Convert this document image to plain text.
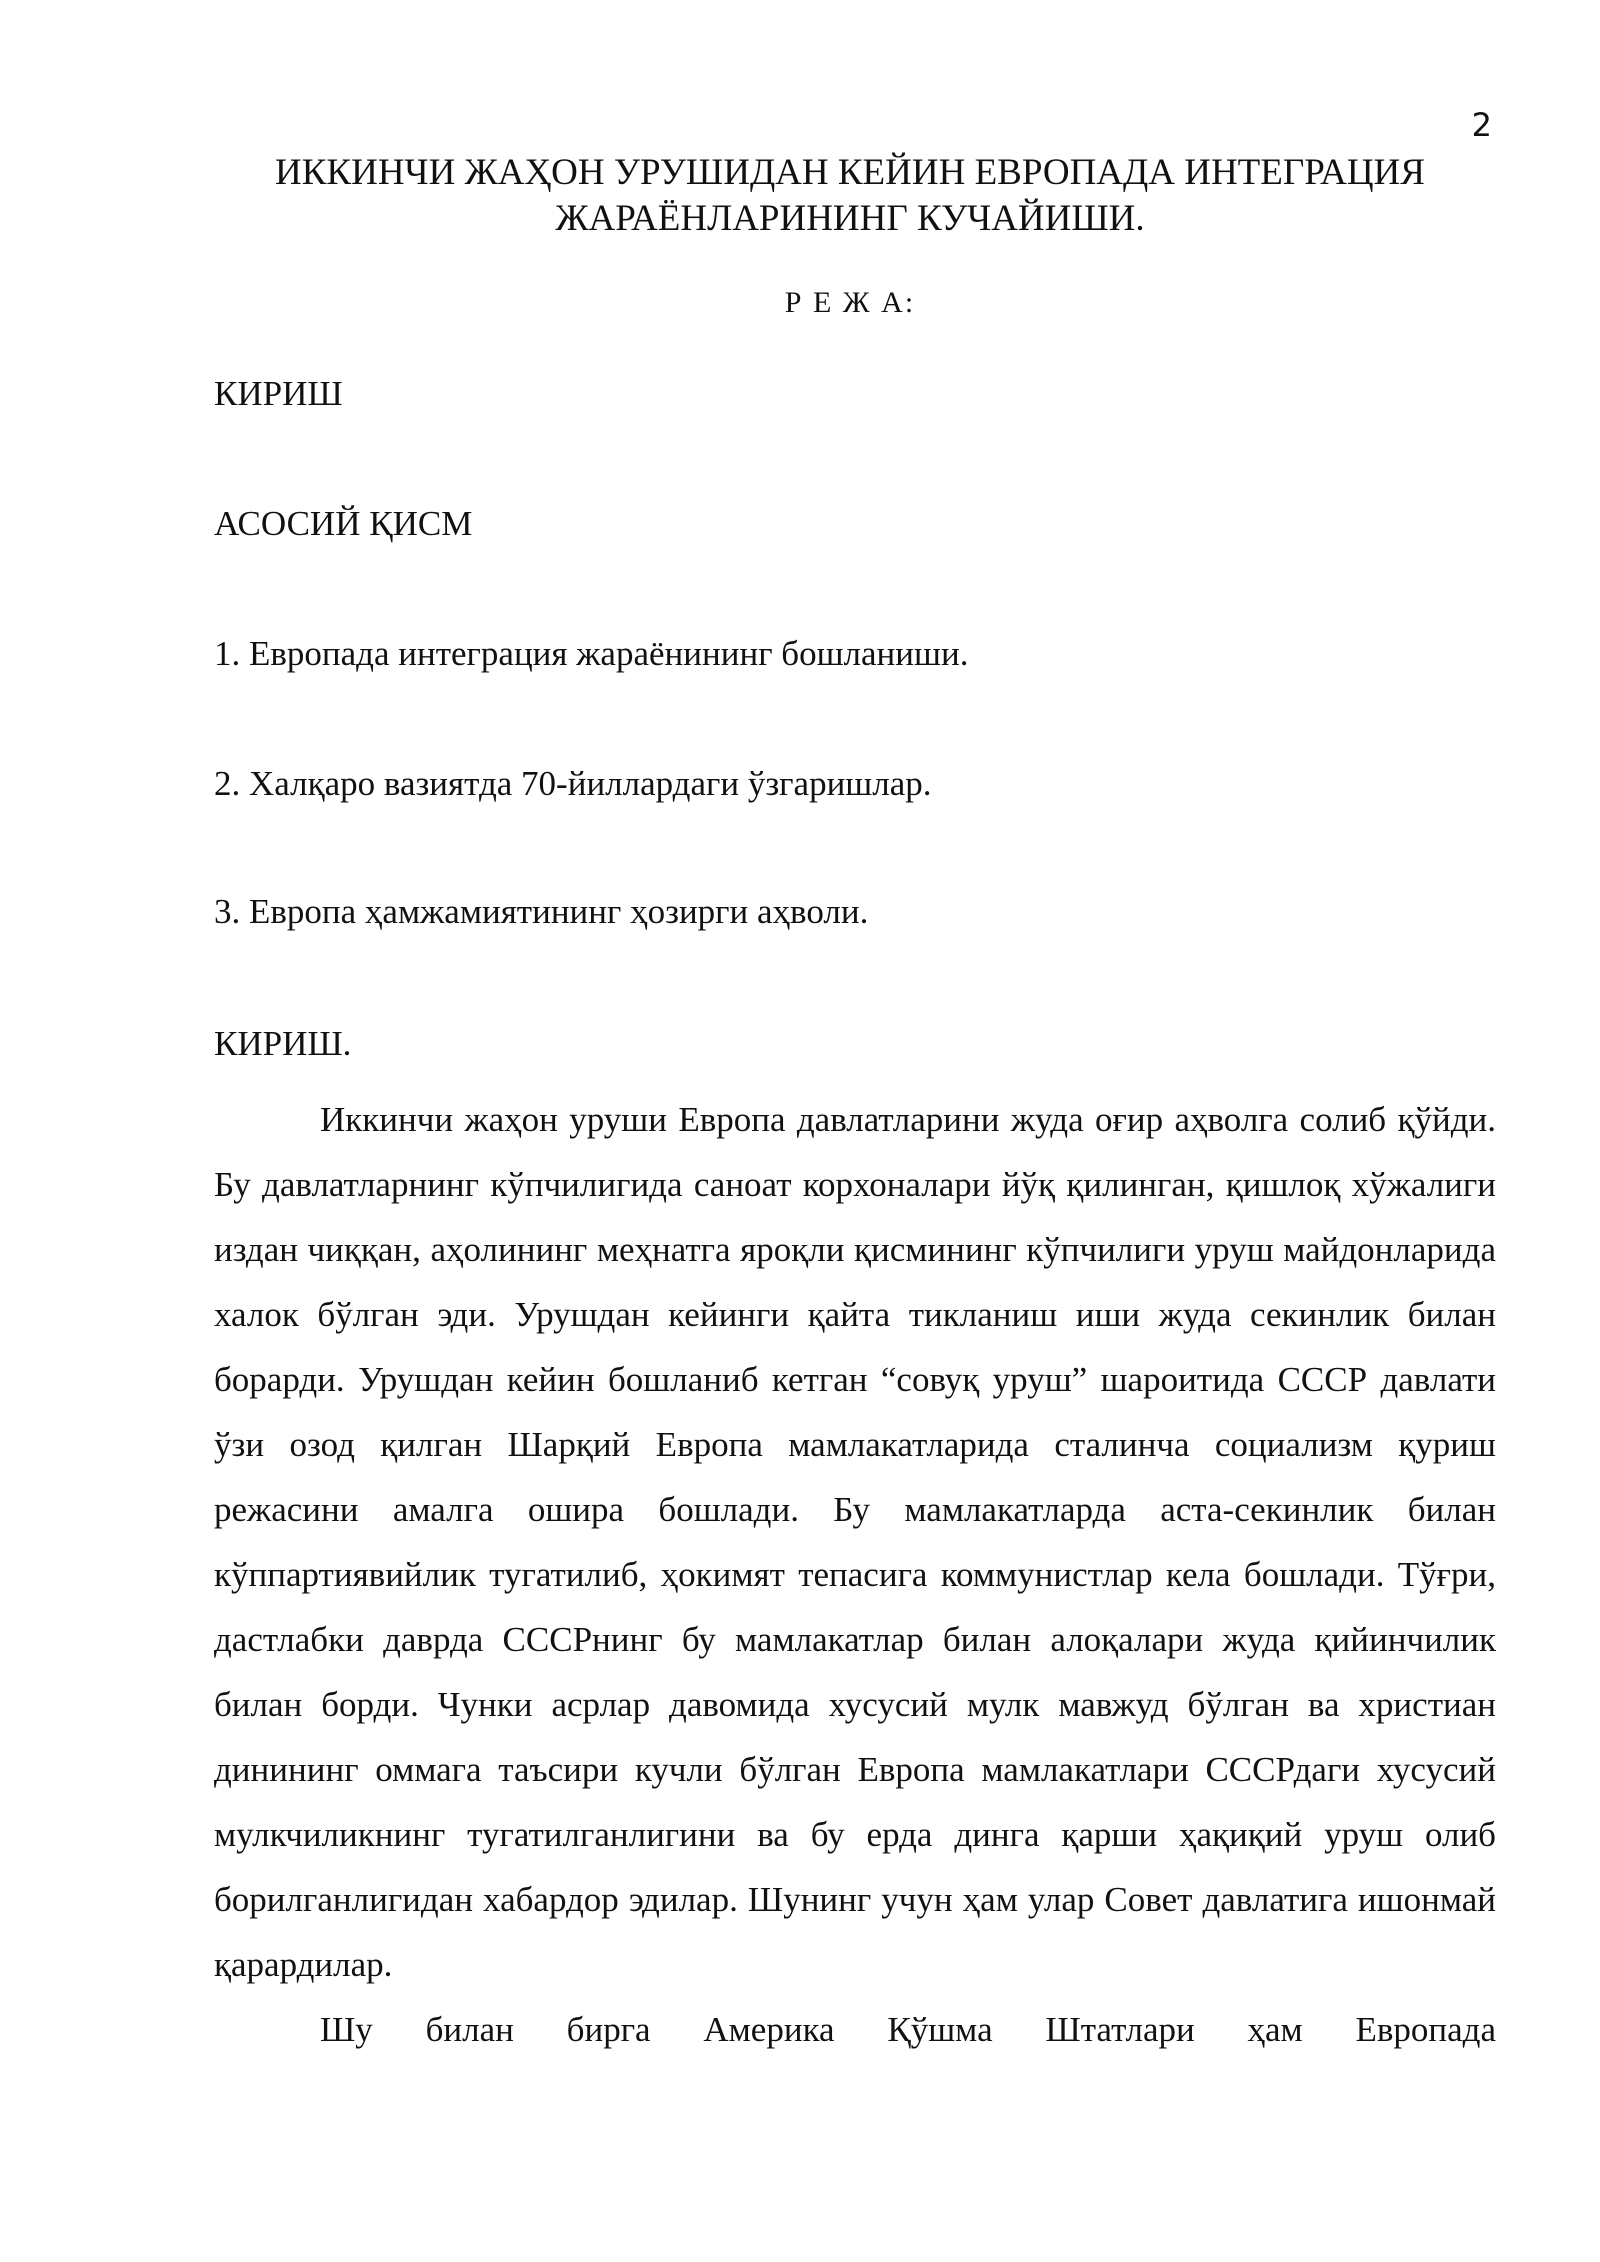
2
ИККИНЧИ ЖАҲОН УРУШИДАН КЕЙИН ЕВРОПАДА ИНТЕГРАЦИЯ
ЖАРАЁНЛАРИНИНГ КУЧАЙИШИ.
Р Е Ж А:
КИРИШ
АСОСИЙ ҚИСМ
1. Европада интеграция жараёнининг бошланиши.
2. Халқаро вазиятда 70-йиллардаги ўзгаришлар.
3. Европа ҳамжамиятининг ҳозирги аҳволи.
КИРИШ.

Иккинчи жаҳон уруши Европа давлатларини жуда оғир аҳволга солиб қўйди. Бу давлатларнинг кўпчилигида саноат корхоналари йўқ қилинган, қишлоқ хўжалиги издан чиққан, аҳолининг меҳнатга яроқли қисмининг кўпчилиги уруш майдонларида халок бўлган эди. Урушдан кейинги қайта тикланиш иши жуда секинлик билан борарди. Урушдан кейин бошланиб кетган “совуқ уруш” шароитида СССР давлати ўзи озод қилган Шарқий Европа мамлакатларида сталинча социализм қуриш режасини амалга ошира бошлади. Бу мамлакатларда аста-секинлик билан кўппартиявийлик тугатилиб, ҳокимят тепасига коммунистлар кела бошлади. Тўғри, дастлабки даврда СССРнинг бу мамлакатлар билан алоқалари жуда қийинчилик билан борди. Чунки асрлар давомида хусусий мулк мавжуд бўлган ва христиан динининг оммага таъсири кучли бўлган Европа мамлакатлари СССРдаги хусусий мулкчиликнинг тугатилганлигини ва бу ерда динга қарши ҳақиқий уруш олиб борилганлигидан хабардор эдилар. Шунинг учун ҳам улар Совет давлатига ишонмай қарардилар.

Шу билан бирга Америка Қўшма Штатлари ҳам Европада
